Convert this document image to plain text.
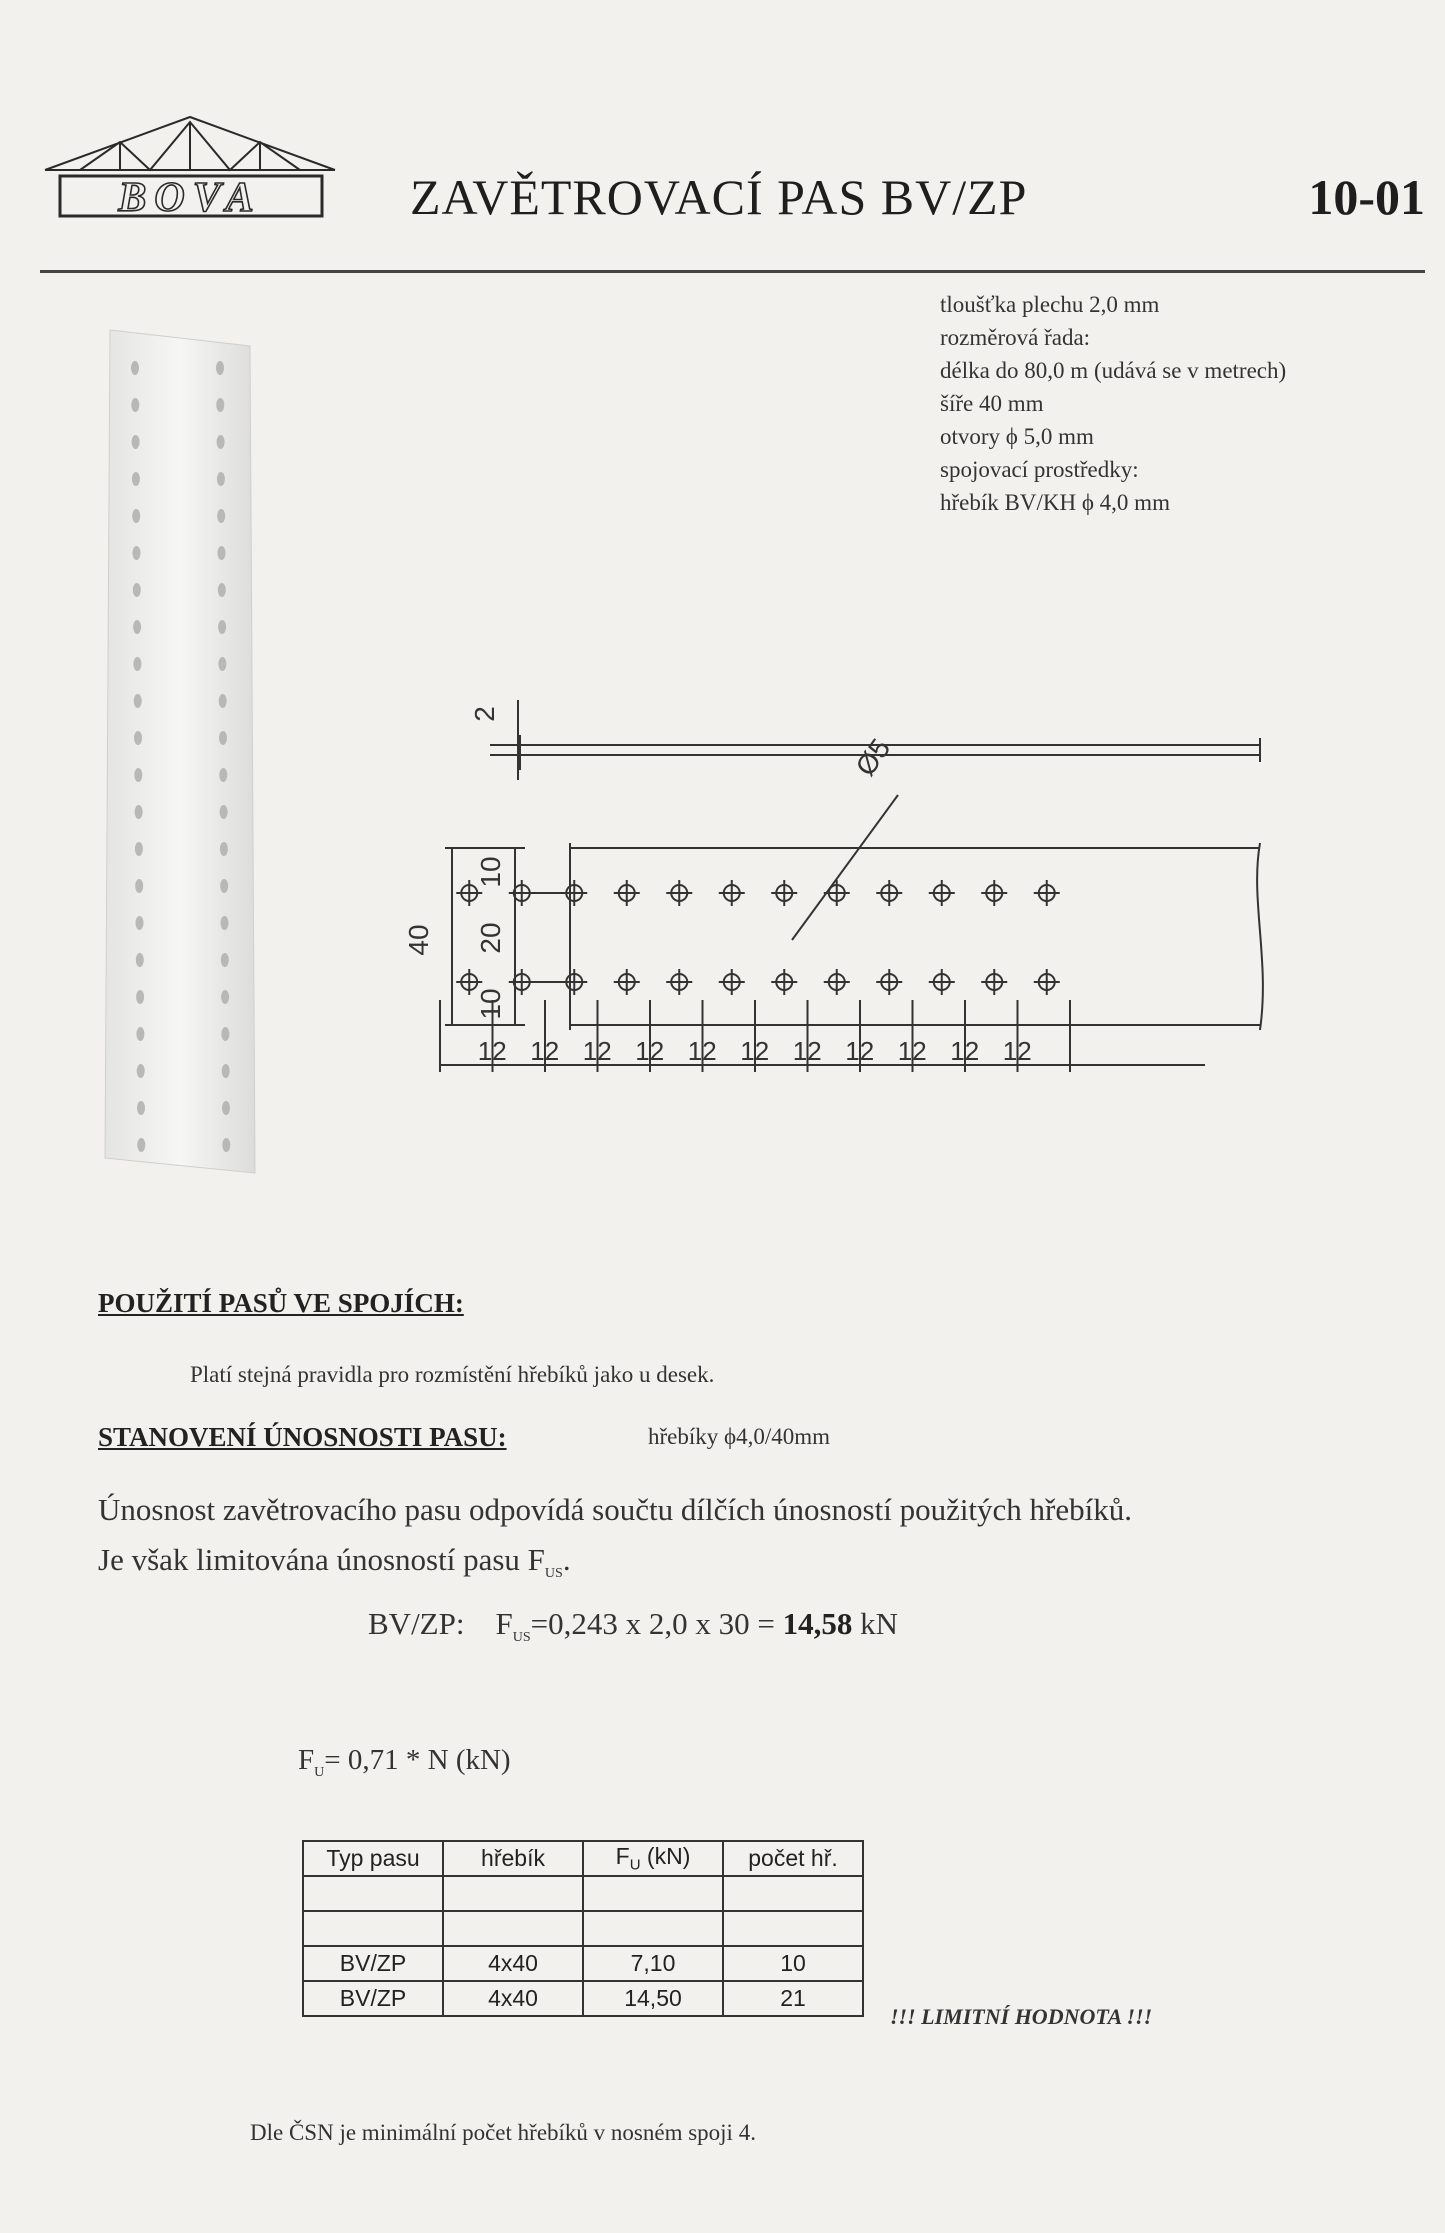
BOVA	ZAVĚTROVACÍ PAS BV/ZP	10-01
tloušťka plechu 2,0 mm
rozměrová řada:
délka do 80,0 m (udává se v metrech)
šíře 40 mm
otvory ϕ 5,0 mm
spojovací prostředky:
hřebík BV/KH ϕ 4,0 mm
2
Ø5
40
10
20
10
12 12 12 12 12 12 12 12 12 12 12
POUŽITÍ PASŮ VE SPOJÍCH:
Platí stejná pravidla pro rozmístění hřebíků jako u desek.
STANOVENÍ ÚNOSNOSTI PASU:	hřebíky ϕ4,0/40mm
Únosnost zavětrovacího pasu odpovídá součtu dílčích únosností použitých hřebíků.
Je však limitována únosností pasu $F_{US}$.
BV/ZP: $F_{US}=0,243$ x 2,0 x 30 = 14,58 kN
$F_U= 0,71 * N$ (kN)
Typ pasu	hřebík	$F_U$ (kN)	počet hř.

BV/ZP	4x40	7,10	10
BV/ZP	4x40	14,50	21
!!! LIMITNÍ HODNOTA !!!
Dle ČSN je minimální počet hřebíků v nosném spoji 4.
